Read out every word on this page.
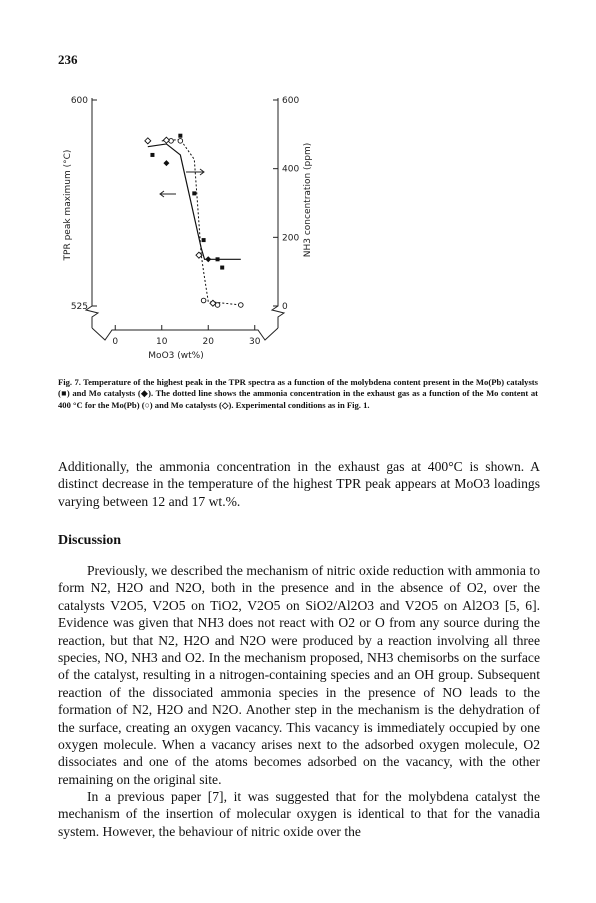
236
0	10	20	30
525
600
0
200
400
600
TPR peak maximum (°C)	NH3 concentration (ppm)
MoO3 (wt%)
Fig. 7. Temperature of the highest peak in the TPR spectra as a function of the molybdena content present in the Mo(Pb) catalysts (■) and Mo catalysts (◆). The dotted line shows the ammonia concentration in the exhaust gas as a function of the Mo content at 400 °C for the Mo(Pb) (○) and Mo catalysts (◇). Experimental conditions as in Fig. 1.

Additionally, the ammonia concentration in the exhaust gas at 400°C is shown. A distinct decrease in the temperature of the highest TPR peak appears at MoO3 loadings varying between 12 and 17 wt.%.

Discussion

Previously, we described the mechanism of nitric oxide reduction with ammonia to form N2, H2O and N2O, both in the presence and in the absence of O2, over the catalysts V2O5, V2O5 on TiO2, V2O5 on SiO2/Al2O3 and V2O5 on Al2O3 [5, 6]. Evidence was given that NH3 does not react with O2 or O from any source during the reaction, but that N2, H2O and N2O were produced by a reaction involving all three species, NO, NH3 and O2. In the mechanism proposed, NH3 chemisorbs on the surface of the catalyst, resulting in a nitrogen-containing species and an OH group. Subsequent reaction of the dissociated ammonia species in the presence of NO leads to the formation of N2, H2O and N2O. Another step in the mechanism is the dehydration of the surface, creating an oxygen vacancy. This vacancy is immediately occupied by one oxygen molecule. When a vacancy arises next to the adsorbed oxygen molecule, O2 dissociates and one of the atoms becomes adsorbed on the vacancy, with the other remaining on the original site.

In a previous paper [7], it was suggested that for the molybdena catalyst the mechanism of the insertion of molecular oxygen is identical to that for the vanadia system. However, the behaviour of nitric oxide over the
